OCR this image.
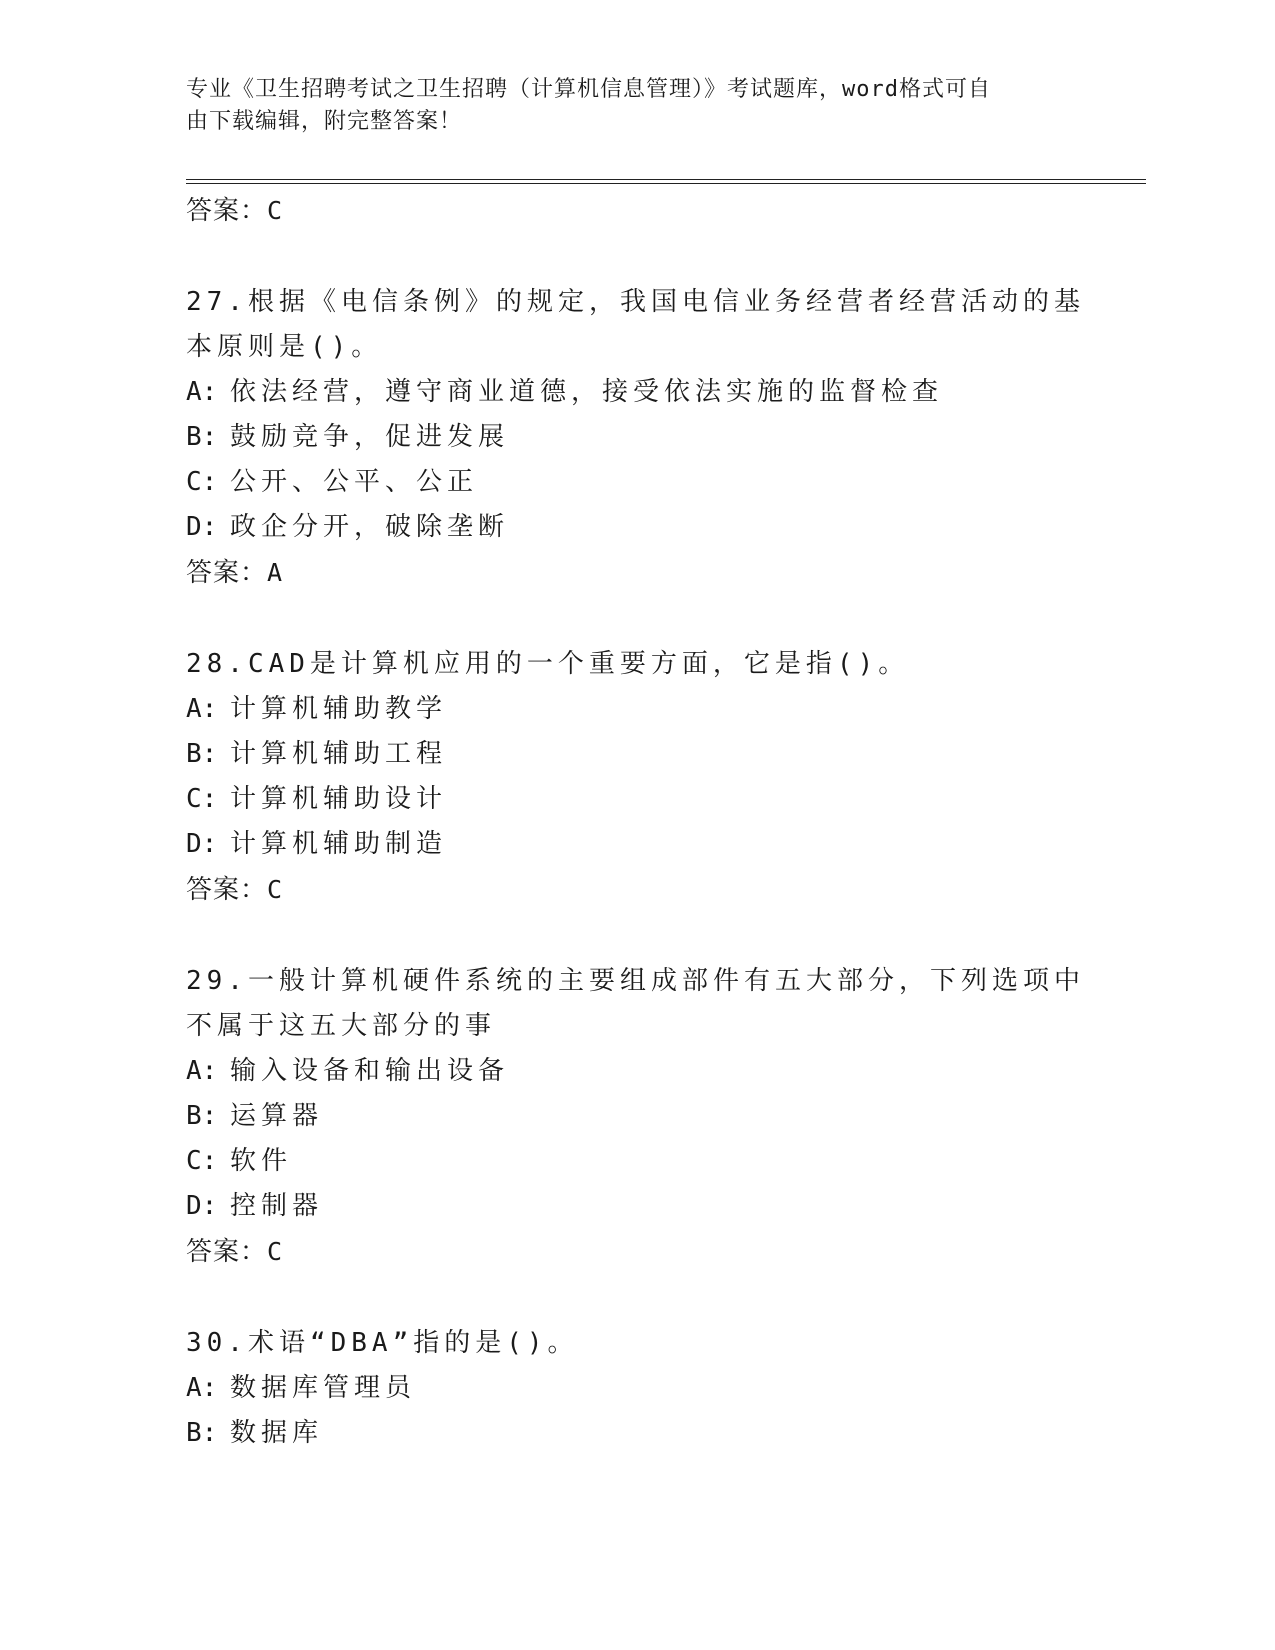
专业《卫生招聘考试之卫生招聘（计算机信息管理）》考试题库，word格式可自
由下载编辑，附完整答案！
答案：C
27.根据《电信条例》的规定，我国电信业务经营者经营活动的基本原则是()。
A: 依法经营，遵守商业道德，接受依法实施的监督检查
B: 鼓励竞争，促进发展
C: 公开、公平、公正
D: 政企分开，破除垄断
答案：A
28.CAD是计算机应用的一个重要方面，它是指()。
A: 计算机辅助教学
B: 计算机辅助工程
C: 计算机辅助设计
D: 计算机辅助制造
答案：C
29.一般计算机硬件系统的主要组成部件有五大部分，下列选项中不属于这五大部分的事
A: 输入设备和输出设备
B: 运算器
C: 软件
D: 控制器
答案：C
30.术语“DBA”指的是()。
A: 数据库管理员
B: 数据库
